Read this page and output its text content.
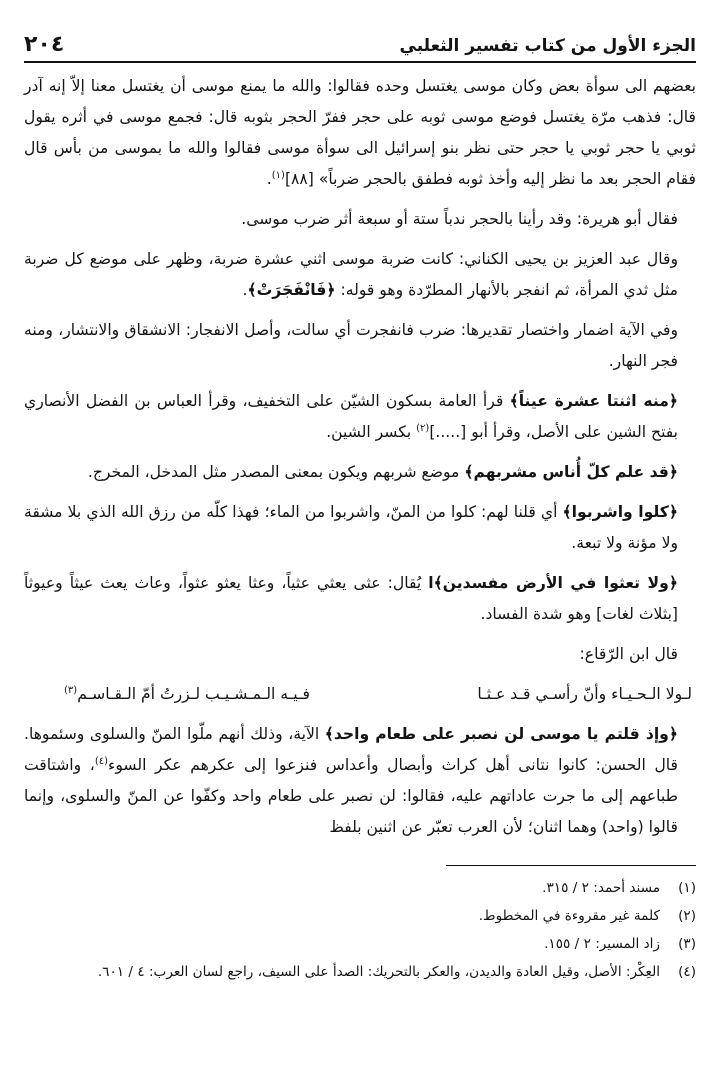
الجزء الأول من كتاب تفسير الثعلبي
٢٠٤

بعضهم الى سوأة بعض وكان موسى يغتسل وحده فقالوا: والله ما يمنع موسى أن يغتسل معنا إلاّ إنه آدر قال: فذهب مرّة يغتسل فوضع موسى ثوبه على حجر ففرّ الحجر بثوبه قال: فجمع موسى في أثره يقول ثوبي يا حجر ثوبي يا حجر حتى نظر بنو إسرائيل الى سوأة موسى فقالوا والله ما بموسى من بأس قال فقام الحجر بعد ما نظر إليه وأخذ ثوبه فطفق بالحجر ضرباً» [٨٨]$^{(١)}$.

فقال أبو هريرة: وقد رأينا بالحجر ندباً ستة أو سبعة أثر ضرب موسى.

وقال عبد العزيز بن يحيى الكناني: كانت ضربة موسى اثني عشرة ضربة، وظهر على موضع كل ضربة مثل ثدي المرأة، ثم انفجر بالأنهار المطرّدة وهو قوله: ﴿فَانْفَجَرَتْ﴾.

وفي الآية اضمار واختصار تقديرها: ضرب فانفجرت أي سالت، وأصل الانفجار: الانشقاق والانتشار، ومنه فجر النهار.

﴿منه اثنتا عشرة عيناً﴾ قرأ العامة بسكون الشيّن على التخفيف، وقرأ العباس بن الفضل الأنصاري بفتح الشين على الأصل، وقرأ أبو [.....]$^{(٢)}$ بكسر الشين.

﴿قد علم كلّ أُناس مشربهم﴾ موضع شربهم ويكون بمعنى المصدر مثل المدخل، المخرج.

﴿كلوا واشربوا﴾ أي قلنا لهم: كلوا من المنّ، واشربوا من الماء؛ فهذا كلّه من رزق الله الذي بلا مشقة ولا مؤنة ولا تبعة.

﴿ولا تعثوا في الأرض مفسدين﴾ا يُقال: عثى يعثي عثياً، وعثا يعثو عثواً، وعاث يعث عيثاً وعيوثاً [بثلاث لغات] وهو شدة الفساد.

قال ابن الرّقاع:

لـولا الـحـيـاء وأنّ رأسـي قـد عـثـا
فـيـه الـمـشـيـب لـزرتُ أمّ الـقـاسـم$^{(٣)}$

﴿وإذ قلتم يا موسى لن نصبر على طعام واحد﴾ الآية، وذلك أنهم ملّوا المنّ والسلوى وسئموها. قال الحسن: كانوا نتانى أهل كراث وأبصال وأعداس فنزعوا إلى عكرهم عكر السوء$^{(٤)}$، واشتاقت طباعهم إلى ما جرت عاداتهم عليه، فقالوا: لن نصبر على طعام واحد وكفّوا عن المنّ والسلوى، وإنما قالوا (واحد) وهما اثنان؛ لأن العرب تعبّر عن اثنين بلفظ

(١)
مسند أحمد: ٢ / ٣١٥.
(٢)
كلمة غير مقروءة في المخطوط.
(٣)
زاد المسير: ٢ / ١٥٥.
(٤)
العِكْر: الأصل، وقيل العادة والديدن، والعكر بالتحريك: الصدأ على السيف، راجع لسان العرب: ٤ / ٦٠١.
